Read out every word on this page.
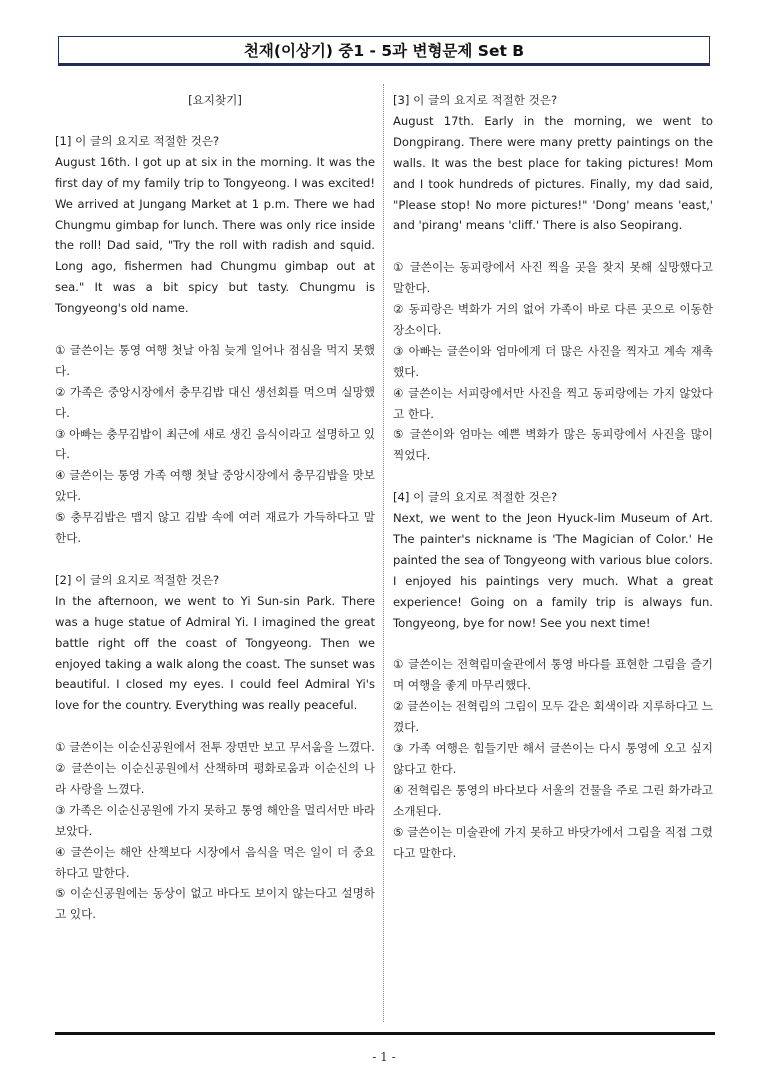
천재(이상기) 중1 - 5과 변형문제 Set B
[요지찾기]

[1] 이 글의 요지로 적절한 것은?

August 16th. I got up at six in the morning. It was the first day of my family trip to Tongyeong. I was excited! We arrived at Jungang Market at 1 p.m. There we had Chungmu gimbap for lunch. There was only rice inside the roll! Dad said, "Try the roll with radish and squid. Long ago, fishermen had Chungmu gimbap out at sea." It was a bit spicy but tasty. Chungmu is Tongyeong's old name.

① 글쓴이는 통영 여행 첫날 아침 늦게 일어나 점심을 먹지 못했다.
② 가족은 중앙시장에서 충무김밥 대신 생선회를 먹으며 실망했다.
③ 아빠는 충무김밥이 최근에 새로 생긴 음식이라고 설명하고 있다.
④ 글쓴이는 통영 가족 여행 첫날 중앙시장에서 충무김밥을 맛보았다.
⑤ 충무김밥은 맵지 않고 김밥 속에 여러 재료가 가득하다고 말한다.

[2] 이 글의 요지로 적절한 것은?

In the afternoon, we went to Yi Sun-sin Park. There was a huge statue of Admiral Yi. I imagined the great battle right off the coast of Tongyeong. Then we enjoyed taking a walk along the coast. The sunset was beautiful. I closed my eyes. I could feel Admiral Yi's love for the country. Everything was really peaceful.

① 글쓴이는 이순신공원에서 전투 장면만 보고 무서움을 느꼈다.
② 글쓴이는 이순신공원에서 산책하며 평화로움과 이순신의 나라 사랑을 느꼈다.
③ 가족은 이순신공원에 가지 못하고 통영 해안을 멀리서만 바라보았다.
④ 글쓴이는 해안 산책보다 시장에서 음식을 먹은 일이 더 중요하다고 말한다.
⑤ 이순신공원에는 동상이 없고 바다도 보이지 않는다고 설명하고 있다.

[3] 이 글의 요지로 적절한 것은?

August 17th. Early in the morning, we went to Dongpirang. There were many pretty paintings on the walls. It was the best place for taking pictures! Mom and I took hundreds of pictures. Finally, my dad said, "Please stop! No more pictures!" 'Dong' means 'east,' and 'pirang' means 'cliff.' There is also Seopirang.

① 글쓴이는 동피랑에서 사진 찍을 곳을 찾지 못해 실망했다고 말한다.
② 동피랑은 벽화가 거의 없어 가족이 바로 다른 곳으로 이동한 장소이다.
③ 아빠는 글쓴이와 엄마에게 더 많은 사진을 찍자고 계속 재촉했다.
④ 글쓴이는 서피랑에서만 사진을 찍고 동피랑에는 가지 않았다고 한다.
⑤ 글쓴이와 엄마는 예쁜 벽화가 많은 동피랑에서 사진을 많이 찍었다.

[4] 이 글의 요지로 적절한 것은?

Next, we went to the Jeon Hyuck-lim Museum of Art. The painter's nickname is 'The Magician of Color.' He painted the sea of Tongyeong with various blue colors. I enjoyed his paintings very much. What a great experience! Going on a family trip is always fun. Tongyeong, bye for now! See you next time!

① 글쓴이는 전혁림미술관에서 통영 바다를 표현한 그림을 즐기며 여행을 좋게 마무리했다.
② 글쓴이는 전혁림의 그림이 모두 같은 회색이라 지루하다고 느꼈다.
③ 가족 여행은 힘들기만 해서 글쓴이는 다시 통영에 오고 싶지 않다고 한다.
④ 전혁림은 통영의 바다보다 서울의 건물을 주로 그린 화가라고 소개된다.
⑤ 글쓴이는 미술관에 가지 못하고 바닷가에서 그림을 직접 그렸다고 말한다.
- 1 -
